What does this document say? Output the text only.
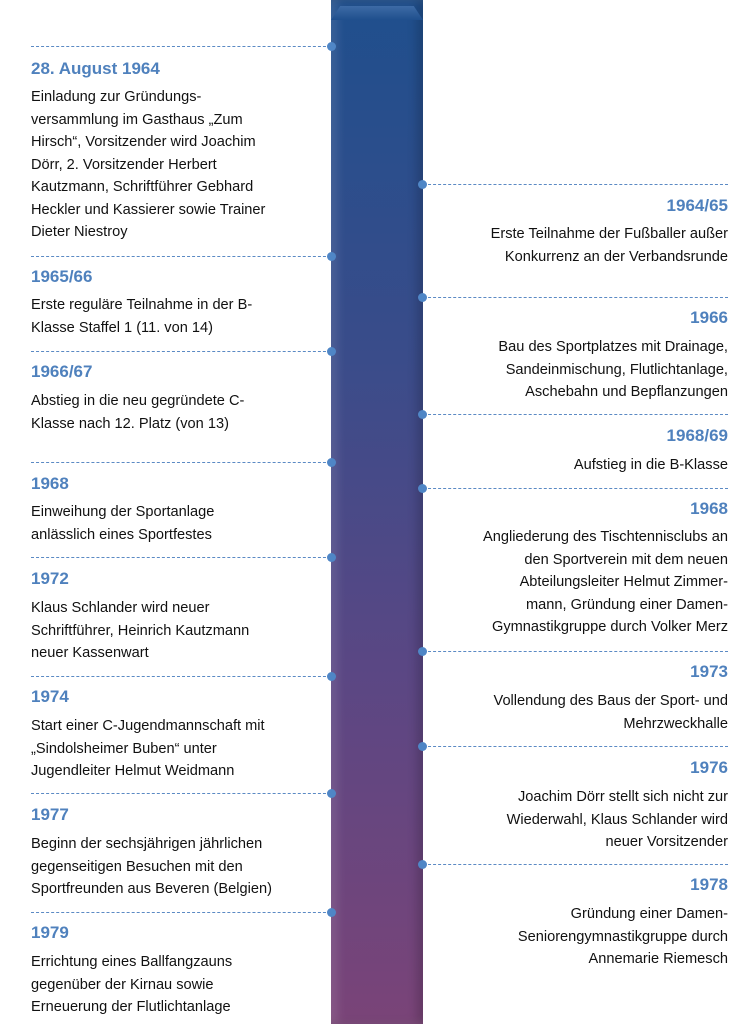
28. August 1964
Einladung zur Gründungs-
versammlung im Gasthaus „Zum
Hirsch“, Vorsitzender wird Joachim
Dörr, 2. Vorsitzender Herbert
Kautzmann, Schriftführer Gebhard
Heckler und Kassierer sowie Trainer
Dieter Niestroy
1965/66
Erste reguläre Teilnahme in der B-
Klasse Staffel 1 (11. von 14)
1966/67
Abstieg in die neu gegründete C-
Klasse nach 12. Platz (von 13)
1968
Einweihung der Sportanlage
anlässlich eines Sportfestes
1972
Klaus Schlander wird neuer
Schriftführer, Heinrich Kautzmann
neuer Kassenwart
1974
Start einer C-Jugendmannschaft mit
„Sindolsheimer Buben“ unter
Jugendleiter Helmut Weidmann
1977
Beginn der sechsjährigen jährlichen
gegenseitigen Besuchen mit den
Sportfreunden aus Beveren (Belgien)
1979
Errichtung eines Ballfangzauns
gegenüber der Kirnau sowie
Erneuerung der Flutlichtanlage
1964/65
Erste Teilnahme der Fußballer außer
Konkurrenz an der Verbandsrunde
1966
Bau des Sportplatzes mit Drainage,
Sandeinmischung, Flutlichtanlage,
Aschebahn und Bepflanzungen
1968/69
Aufstieg in die B-Klasse
1968
Angliederung des Tischtennisclubs an
den Sportverein mit dem neuen
Abteilungsleiter Helmut Zimmer-
mann, Gründung einer Damen-
Gymnastikgruppe durch Volker Merz
1973
Vollendung des Baus der Sport- und
Mehrzweckhalle
1976
Joachim Dörr stellt sich nicht zur
Wiederwahl, Klaus Schlander wird
neuer Vorsitzender
1978
Gründung einer Damen-
Seniorengymnastikgruppe durch
Annemarie Riemesch
